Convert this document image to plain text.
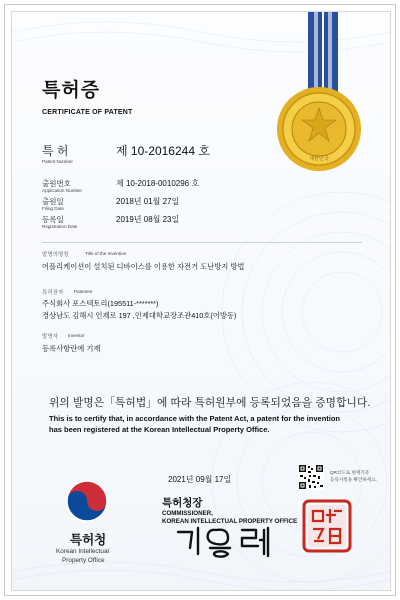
대한민국
특허증
CERTIFICATE OF PATENT
특 허
Patent Number
제 10-2016244 호
출원번호
Application Number
제 10-2018-0010296 호
출원일
Filing Date
2018년 01월 27일
등록일
Registration Date
2019년 08월 23일
발명의명칭	Title of the Invention
어플리케이션이 설치된 디바이스를 이용한 자전거 도난방지 방법
특허권자 Patentee
주식회사 포스텍토리(195511-*******)
경상남도 김해시 인제로 197 ,인제대학교장조관410호(어방동)
발명자 Inventor
등록사항란에 기재
위의 발명은「특허법」에 따라 특허원부에 등록되었음을 증명합니다.
This is to certify that, in accordance with the Patent Act, a patent for the invention
has been registered at the Korean Intellectual Property Office.
특허청
Korean Intellectual
Property Office
2021년 09월 17일
특허청장
COMMISSIONER,
KOREAN INTELLECTUAL PROPERTY OFFICE
QR코드로 현재기준
등록사항을 확인하세요.
